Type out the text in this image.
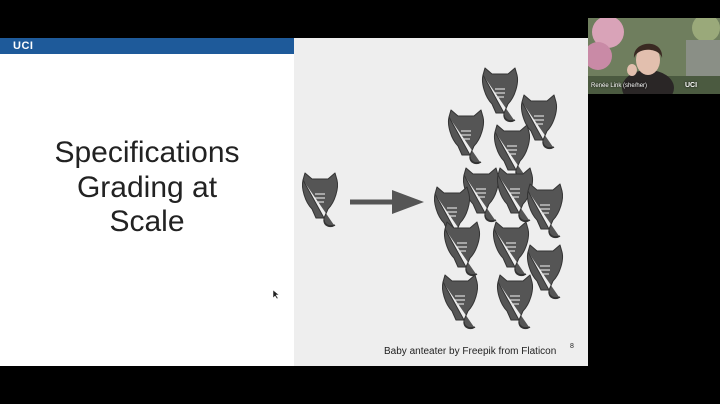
UCI
Specifications
Grading at
Scale
Baby anteater by Freepik from Flaticon 8
Renée Link (she/her)	UCI
